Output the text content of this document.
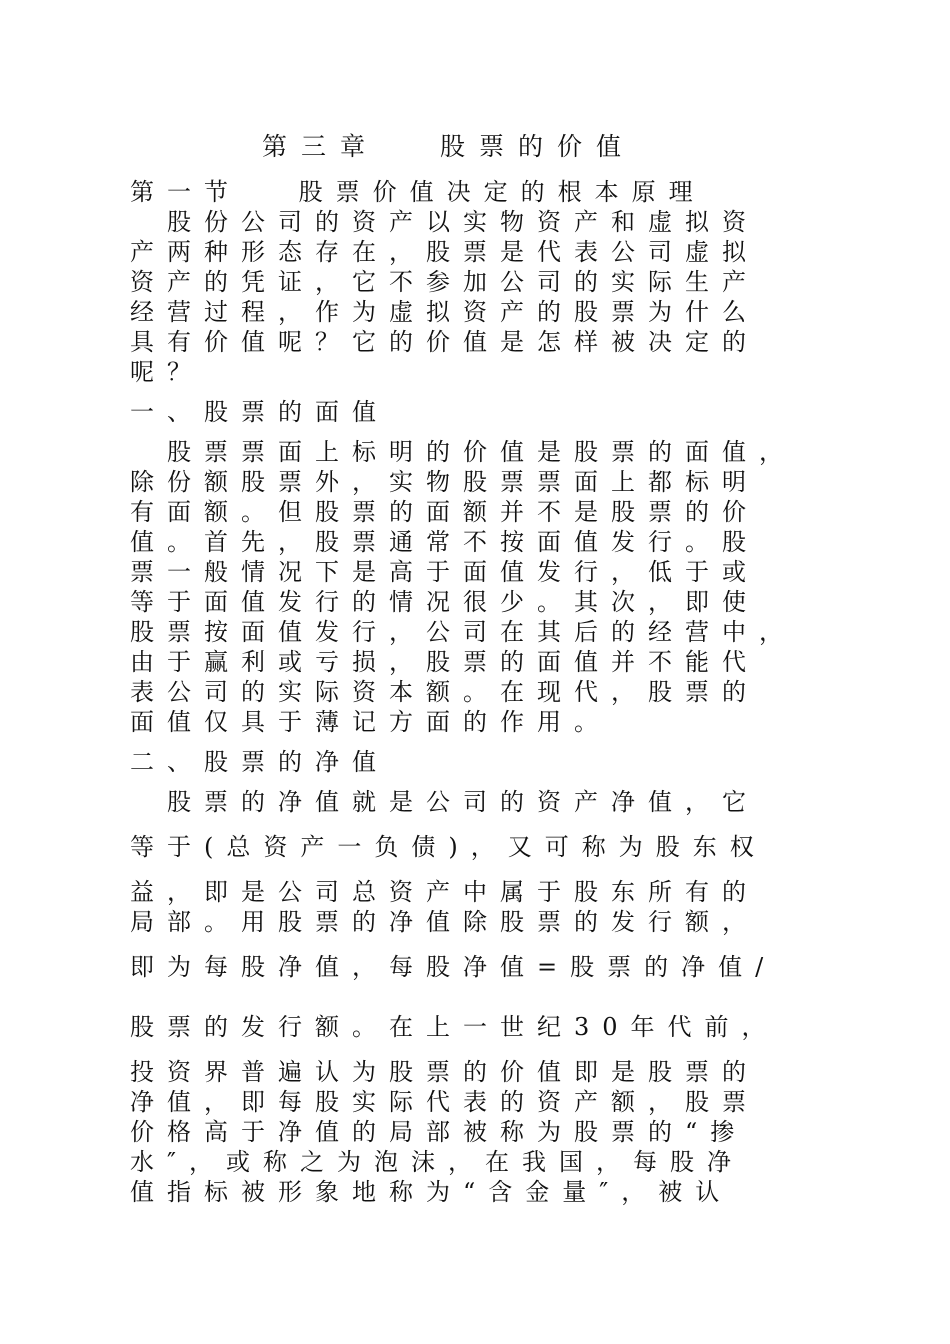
第三章　 股票的价值
第一节　 股票价值决定的根本原理
　股份公司的资产以实物资产和虚拟资
产两种形态存在，股票是代表公司虚拟
资产的凭证，它不参加公司的实际生产
经营过程，作为虚拟资产的股票为什么
具有价值呢？它的价值是怎样被决定的
呢？
一、股票的面值
　股票票面上标明的价值是股票的面值，
除份额股票外，实物股票票面上都标明
有面额。但股票的面额并不是股票的价
值。首先，股票通常不按面值发行。股
票一般情况下是高于面值发行，低于或
等于面值发行的情况很少。其次，即使
股票按面值发行，公司在其后的经营中，
由于赢利或亏损，股票的面值并不能代
表公司的实际资本额。在现代，股票的
面值仅具于薄记方面的作用。
二、股票的净值
　股票的净值就是公司的资产净值，它
等于(总资产一负债)，又可称为股东权
益，即是公司总资产中属于股东所有的
局部。用股票的净值除股票的发行额，
即为每股净值，每股净值=股票的净值/
股票的发行额。在上一世纪30年代前，
投资界普遍认为股票的价值即是股票的
净值，即每股实际代表的资产额，股票
价格高于净值的局部被称为股票的“掺
水″，或称之为泡沫，在我国，每股净
值指标被形象地称为“含金量″，被认
